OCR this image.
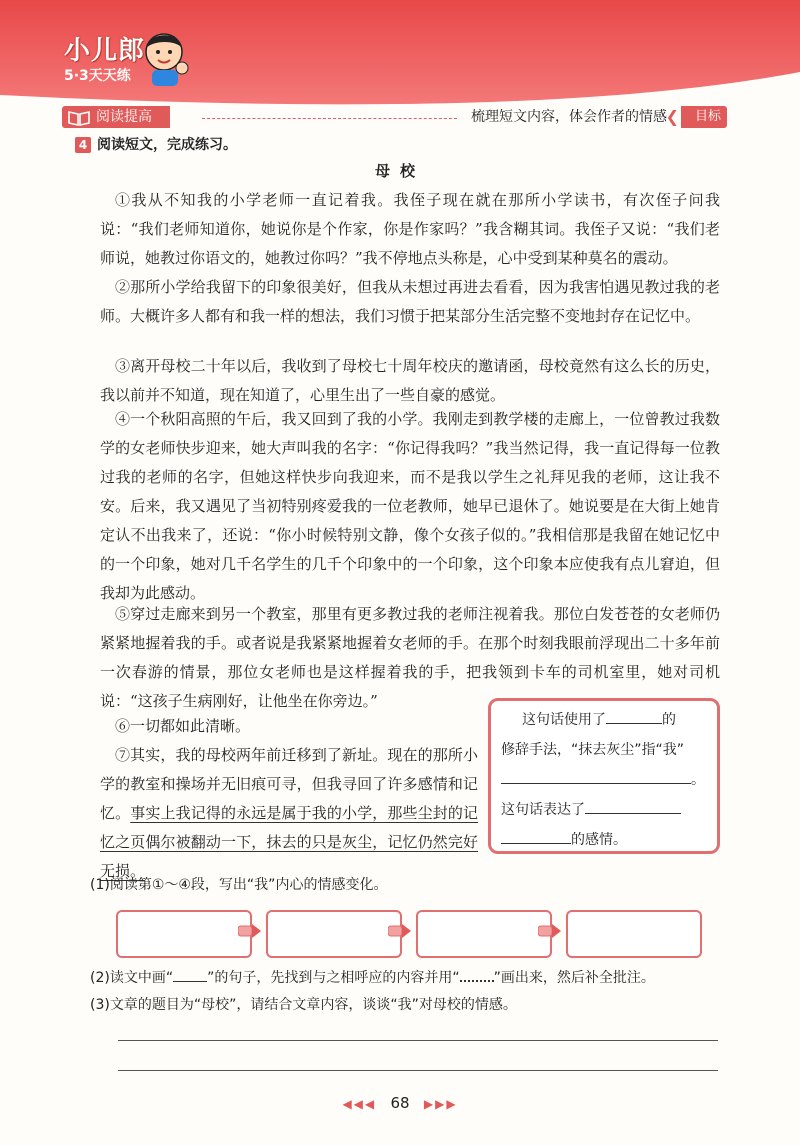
小儿郎
5·3天天练
阅读提高	梳理短文内容，体会作者的情感
❮	目标
4 阅读短文，完成练习。
母校

①我从不知我的小学老师一直记着我。我侄子现在就在那所小学读书，有次侄子问我说：“我们老师知道你，她说你是个作家，你是作家吗？”我含糊其词。我侄子又说：“我们老师说，她教过你语文的，她教过你吗？”我不停地点头称是，心中受到某种莫名的震动。

②那所小学给我留下的印象很美好，但我从未想过再进去看看，因为我害怕遇见教过我的老师。大概许多人都有和我一样的想法，我们习惯于把某部分生活完整不变地封存在记忆中。

③离开母校二十年以后，我收到了母校七十周年校庆的邀请函，母校竟然有这么长的历史，我以前并不知道，现在知道了，心里生出了一些自豪的感觉。

④一个秋阳高照的午后，我又回到了我的小学。我刚走到教学楼的走廊上，一位曾教过我数学的女老师快步迎来，她大声叫我的名字：“你记得我吗？”我当然记得，我一直记得每一位教过我的老师的名字，但她这样快步向我迎来，而不是我以学生之礼拜见我的老师，这让我不安。后来，我又遇见了当初特别疼爱我的一位老教师，她早已退休了。她说要是在大街上她肯定认不出我来了，还说：“你小时候特别文静，像个女孩子似的。”我相信那是我留在她记忆中的一个印象，她对几千名学生的几千个印象中的一个印象，这个印象本应使我有点儿窘迫，但我却为此感动。

⑤穿过走廊来到另一个教室，那里有更多教过我的老师注视着我。那位白发苍苍的女老师仍紧紧地握着我的手。或者说是我紧紧地握着女老师的手。在那个时刻我眼前浮现出二十多年前一次春游的情景，那位女老师也是这样握着我的手，把我领到卡车的司机室里，她对司机说：“这孩子生病刚好，让他坐在你旁边。”

⑥一切都如此清晰。

⑦其实，我的母校两年前迁移到了新址。现在的那所小学的教室和操场并无旧痕可寻，但我寻回了许多感情和记忆。事实上我记得的永远是属于我的小学，那些尘封的记忆之页偶尔被翻动一下，抹去的只是灰尘，记忆仍然完好无损。

这句话使用了	的

修辞手法，“抹去灰尘”指“我”

。

这句话表达了

的感情。

(1)阅读第①～④段，写出“我”内心的情感变化。
(2)读文中画“ ”的句子，先找到与之相呼应的内容并用“ ”画出来，然后补全批注。
(3)文章的题目为“母校”，请结合文章内容，谈谈“我”对母校的情感。
◀◀◀ 68 ▶▶▶
